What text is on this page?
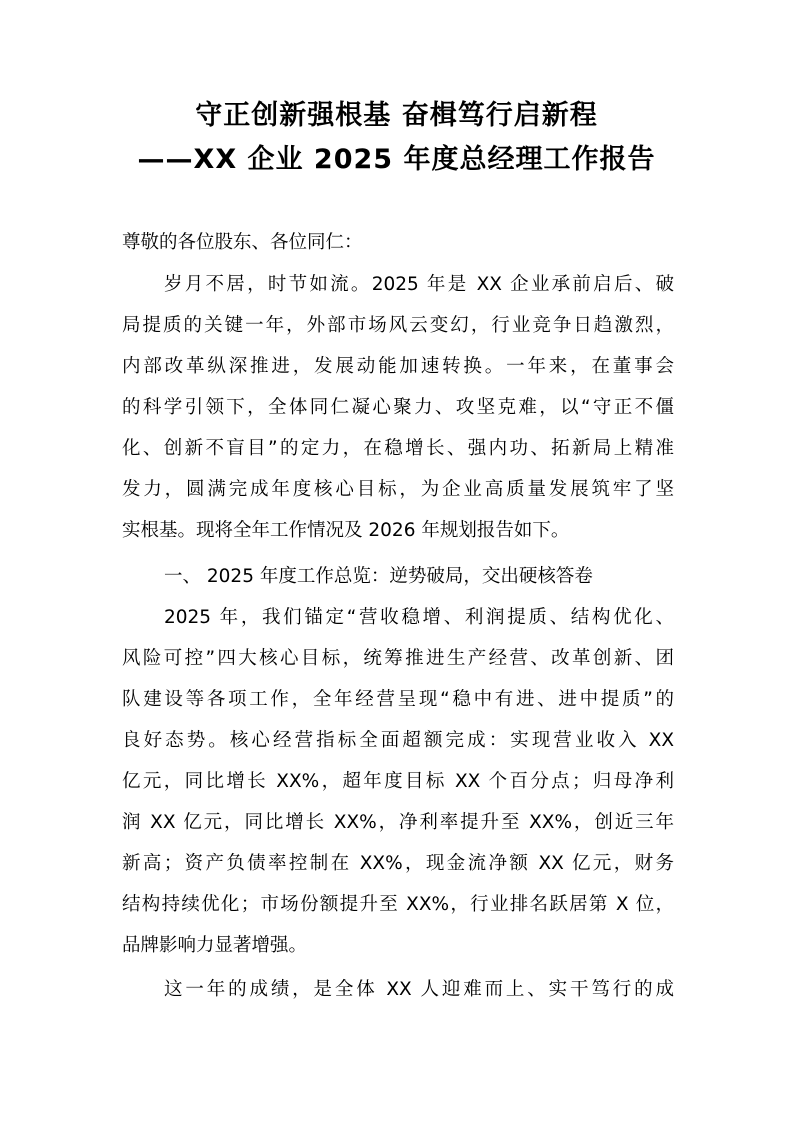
守正创新强根基 奋楫笃行启新程
——XX 企业 2025 年度总经理工作报告
尊敬的各位股东、各位同仁：
岁月不居，时节如流。2025 年是 XX 企业承前启后、破
局提质的关键一年，外部市场风云变幻，行业竞争日趋激烈，
内部改革纵深推进，发展动能加速转换。一年来，在董事会
的科学引领下，全体同仁凝心聚力、攻坚克难，以“守正不僵
化、创新不盲目”的定力，在稳增长、强内功、拓新局上精准
发力，圆满完成年度核心目标，为企业高质量发展筑牢了坚
实根基。现将全年工作情况及 2026 年规划报告如下。
一、 2025 年度工作总览：逆势破局，交出硬核答卷
2025 年，我们锚定“营收稳增、利润提质、结构优化、
风险可控”四大核心目标，统筹推进生产经营、改革创新、团
队建设等各项工作，全年经营呈现“稳中有进、进中提质”的
良好态势。核心经营指标全面超额完成：实现营业收入 XX
亿元，同比增长 XX%，超年度目标 XX 个百分点；归母净利
润 XX 亿元，同比增长 XX%，净利率提升至 XX%，创近三年
新高；资产负债率控制在 XX%，现金流净额 XX 亿元，财务
结构持续优化；市场份额提升至 XX%，行业排名跃居第 X 位，
品牌影响力显著增强。
这一年的成绩，是全体 XX 人迎难而上、实干笃行的成
